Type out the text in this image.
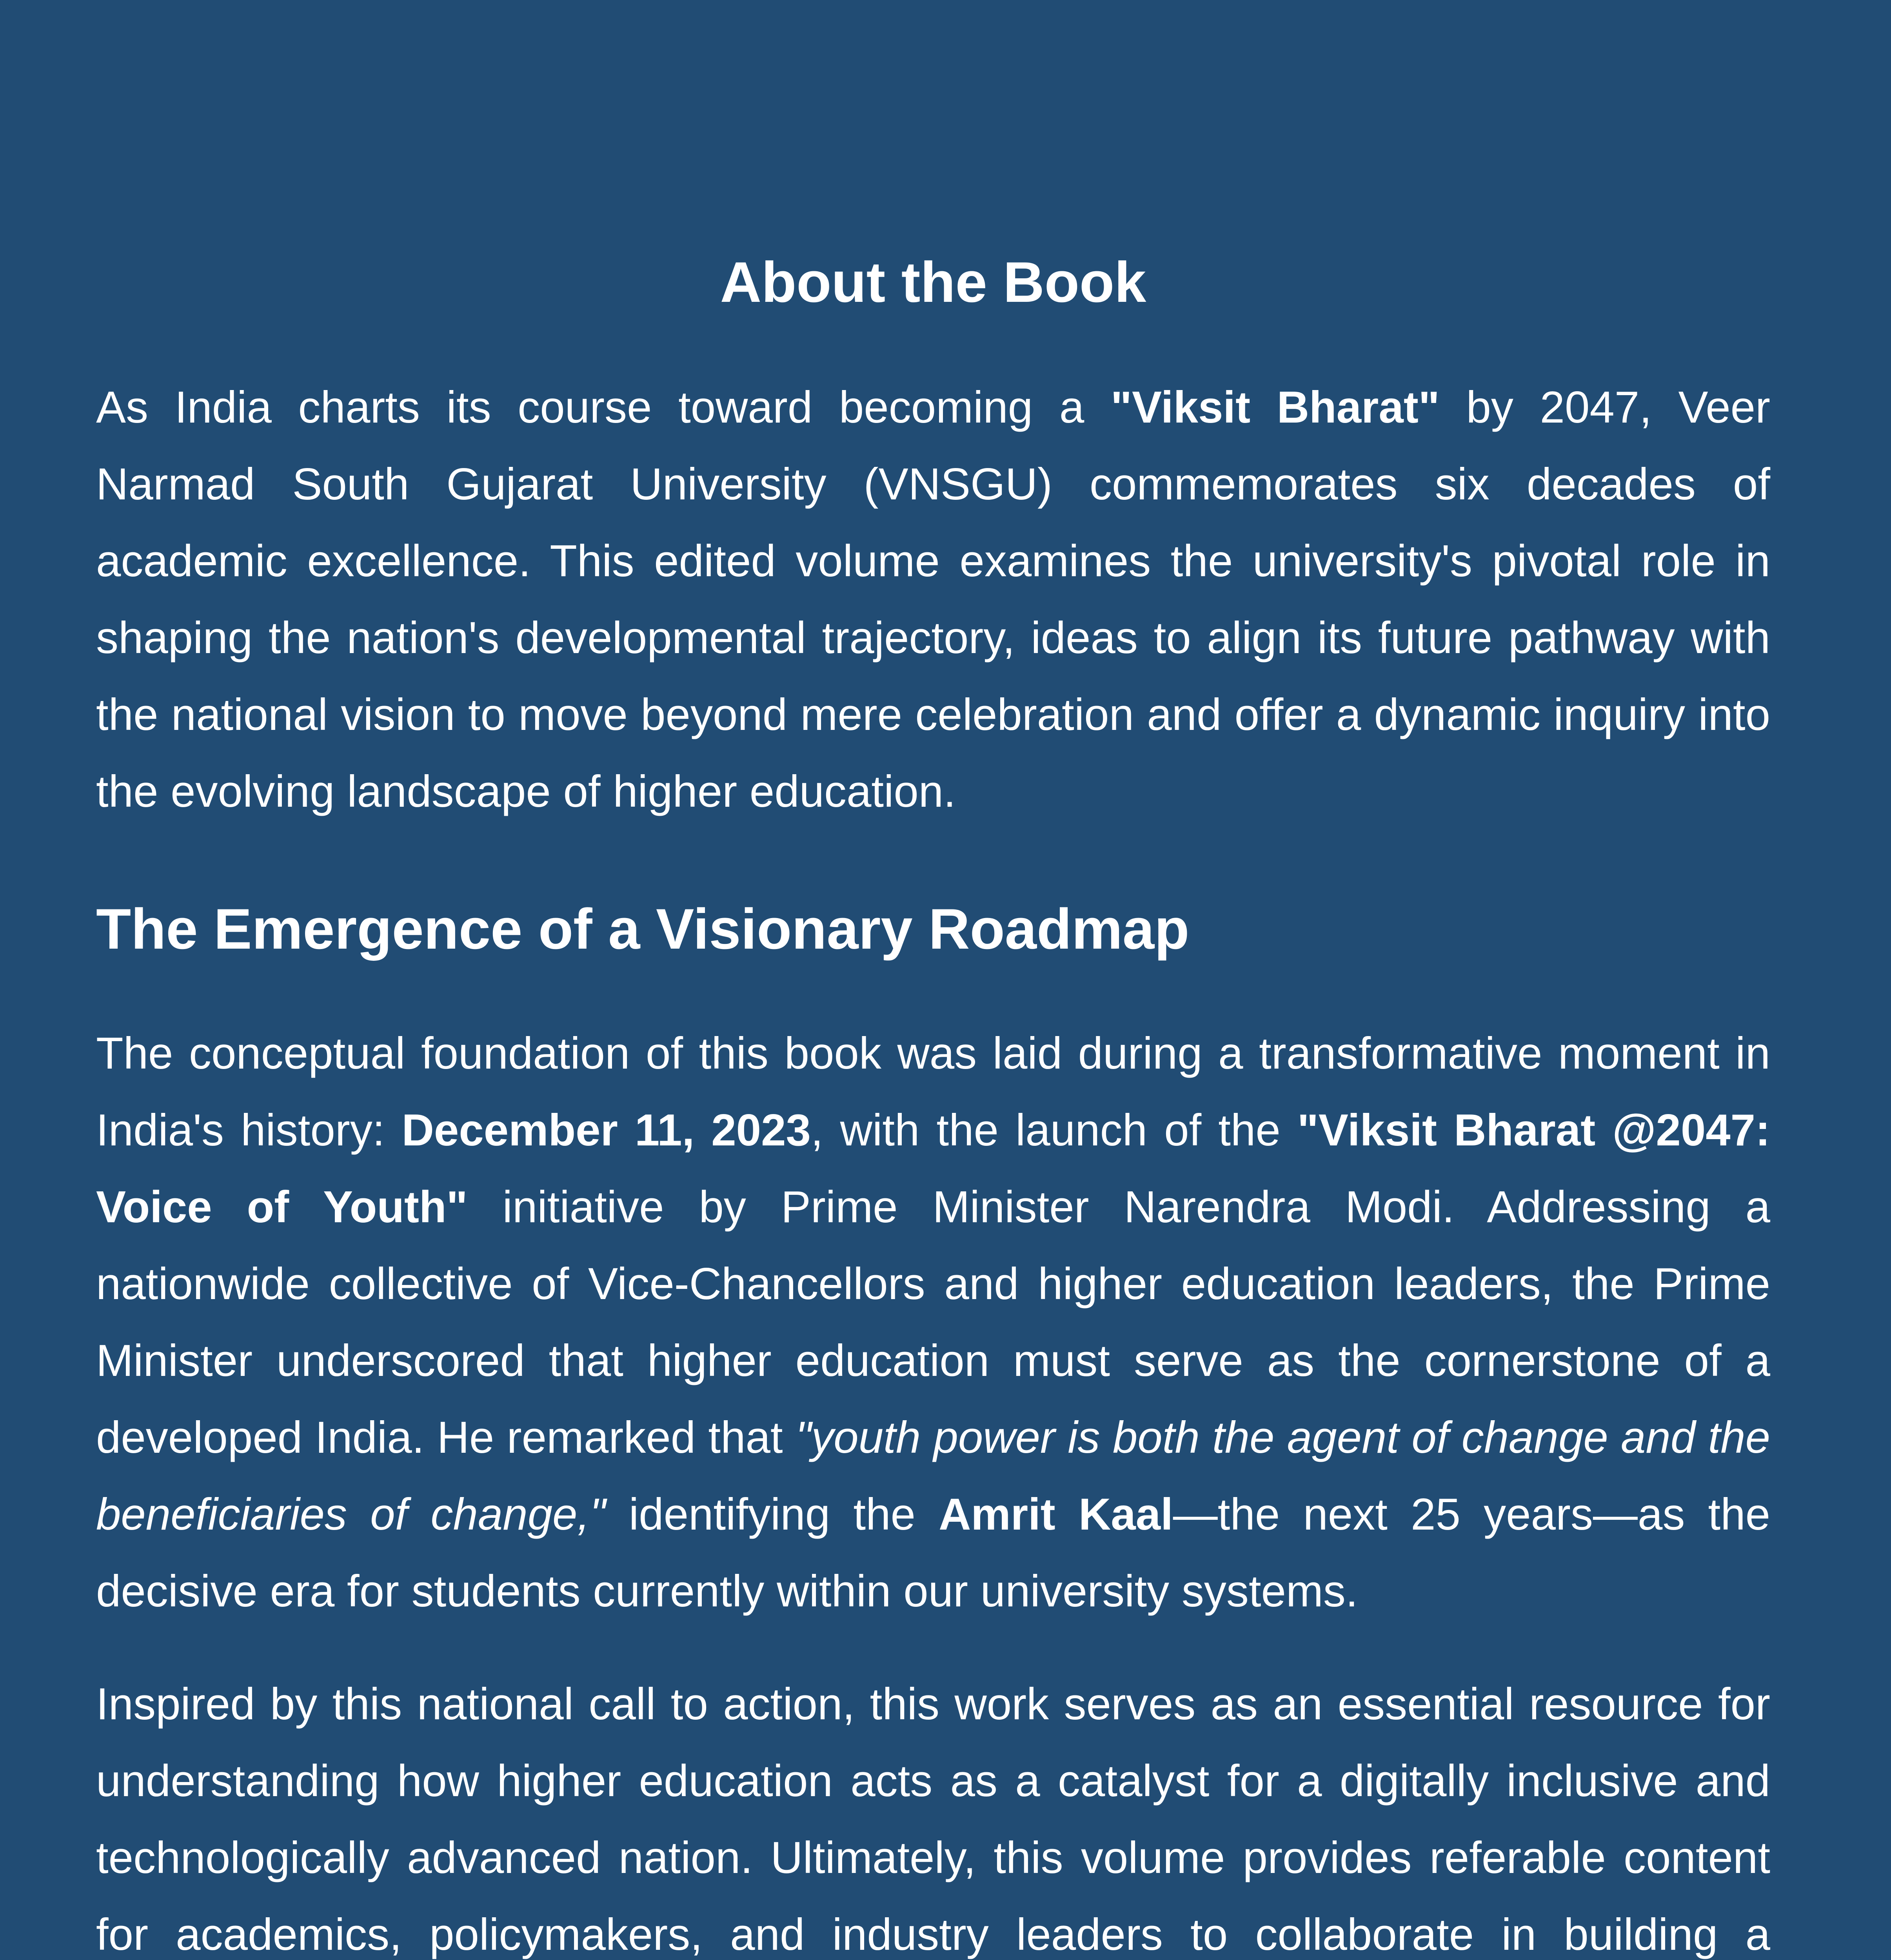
About the Book

As India charts its course toward becoming a "Viksit Bharat" by 2047, Veer Narmad South Gujarat University (VNSGU) commemorates six decades of academic excellence. This edited volume examines the university's pivotal role in shaping the nation's developmental trajectory, ideas to align its future pathway with the national vision to move beyond mere celebration and offer a dynamic inquiry into the evolving landscape of higher education.

The Emergence of a Visionary Roadmap

The conceptual foundation of this book was laid during a transformative moment in India's history: December 11, 2023, with the launch of the "Viksit Bharat @2047: Voice of Youth" initiative by Prime Minister Narendra Modi. Addressing a nationwide collective of Vice-Chancellors and higher education leaders, the Prime Minister underscored that higher education must serve as the cornerstone of a developed India. He remarked that "youth power is both the agent of change and the beneficiaries of change," identifying the Amrit Kaal—the next 25 years—as the decisive era for students currently within our university systems.

Inspired by this national call to action, this work serves as an essential resource for understanding how higher education acts as a catalyst for a digitally inclusive and technologically advanced nation. Ultimately, this volume provides referable content for academics, policymakers, and industry leaders to collaborate in building a
